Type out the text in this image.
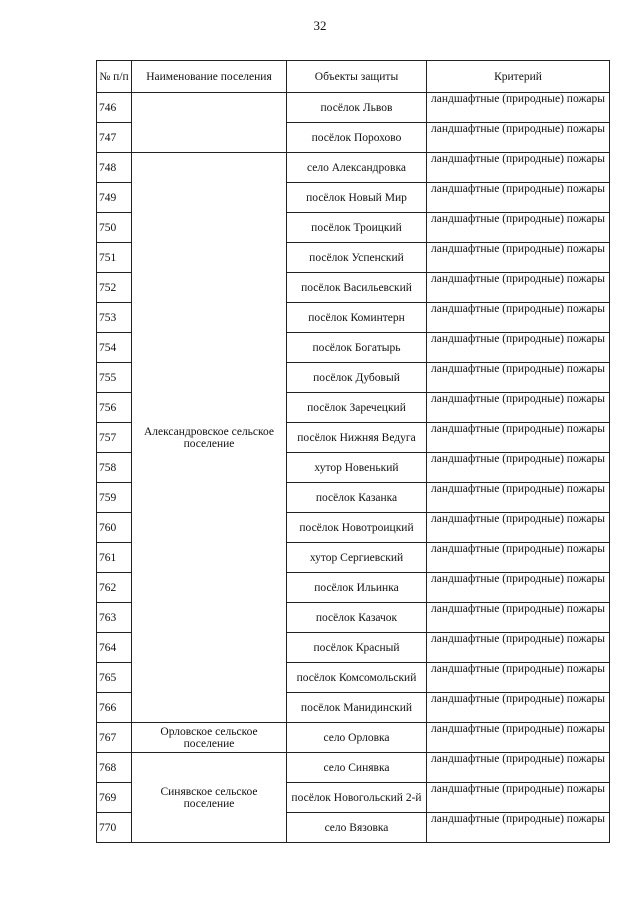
32
№ п/п	Наименование поселения	Объекты защиты	Критерий
746		посёлок Львов	ландшафтные (природные) пожары
747		посёлок Порохово	ландшафтные (природные) пожары
748	Александровское сельское поселение	село Александровка	ландшафтные (природные) пожары
749		посёлок Новый Мир	ландшафтные (природные) пожары
750		посёлок Троицкий	ландшафтные (природные) пожары
751		посёлок Успенский	ландшафтные (природные) пожары
752		посёлок Васильевский	ландшафтные (природные) пожары
753		посёлок Коминтерн	ландшафтные (природные) пожары
754		посёлок Богатырь	ландшафтные (природные) пожары
755		посёлок Дубовый	ландшафтные (природные) пожары
756		посёлок Заречецкий	ландшафтные (природные) пожары
757		посёлок Нижняя Ведуга	ландшафтные (природные) пожары
758		хутор Новенький	ландшафтные (природные) пожары
759		посёлок Казанка	ландшафтные (природные) пожары
760		посёлок Новотроицкий	ландшафтные (природные) пожары
761		хутор Сергиевский	ландшафтные (природные) пожары
762		посёлок Ильинка	ландшафтные (природные) пожары
763		посёлок Казачок	ландшафтные (природные) пожары
764		посёлок Красный	ландшафтные (природные) пожары
765		посёлок Комсомольский	ландшафтные (природные) пожары
766		посёлок Манидинский	ландшафтные (природные) пожары
767	Орловское сельское поселение	село Орловка	ландшафтные (природные) пожары
768	Синявское сельское поселение	село Синявка	ландшафтные (природные) пожары
769		посёлок Новогольский 2-й	ландшафтные (природные) пожары
770		село Вязовка	ландшафтные (природные) пожары
